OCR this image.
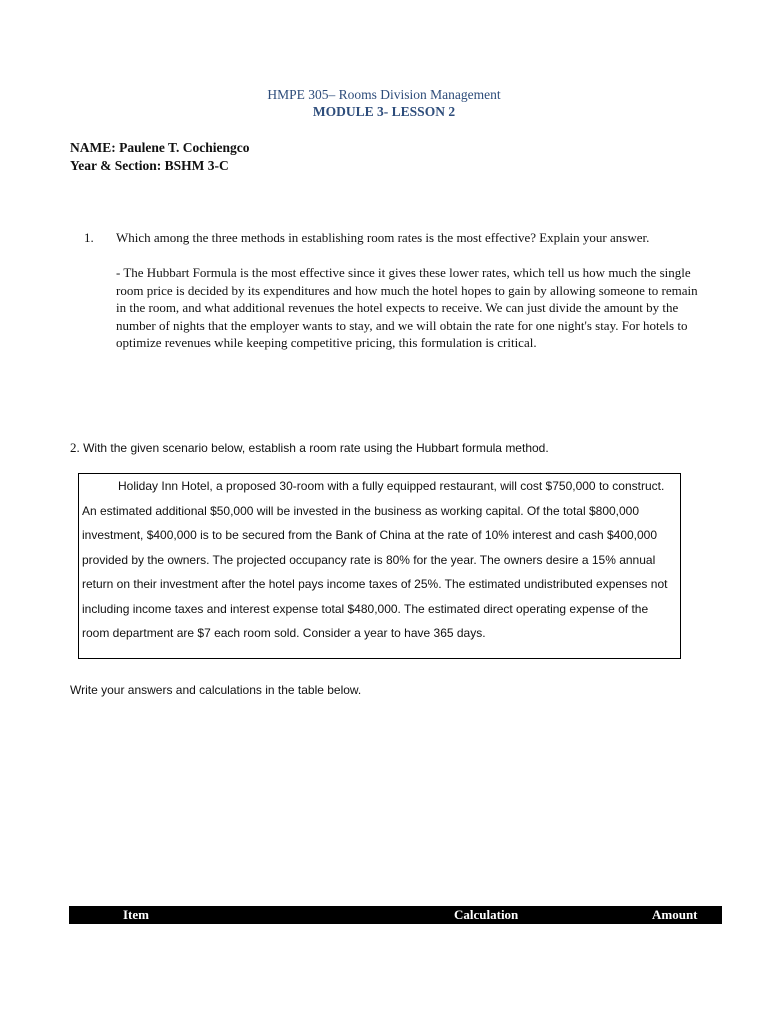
HMPE 305– Rooms Division Management
MODULE 3- LESSON 2
NAME: Paulene T. Cochiengco
Year & Section: BSHM 3-C
1. Which among the three methods in establishing room rates is the most effective? Explain your answer.
- The Hubbart Formula is the most effective since it gives these lower rates, which tell us how much the single room price is decided by its expenditures and how much the hotel hopes to gain by allowing someone to remain in the room, and what additional revenues the hotel expects to receive. We can just divide the amount by the number of nights that the employer wants to stay, and we will obtain the rate for one night's stay. For hotels to optimize revenues while keeping competitive pricing, this formulation is critical.
2. With the given scenario below, establish a room rate using the Hubbart formula method.

Holiday Inn Hotel, a proposed 30-room with a fully equipped restaurant, will cost $750,000 to construct. An estimated additional $50,000 will be invested in the business as working capital. Of the total $800,000 investment, $400,000 is to be secured from the Bank of China at the rate of 10% interest and cash $400,000 provided by the owners. The projected occupancy rate is 80% for the year. The owners desire a 15% annual return on their investment after the hotel pays income taxes of 25%. The estimated undistributed expenses not including income taxes and interest expense total $480,000. The estimated direct operating expense of the room department are $7 each room sold. Consider a year to have 365 days.

Write your answers and calculations in the table below.
Item	Calculation	Amount
